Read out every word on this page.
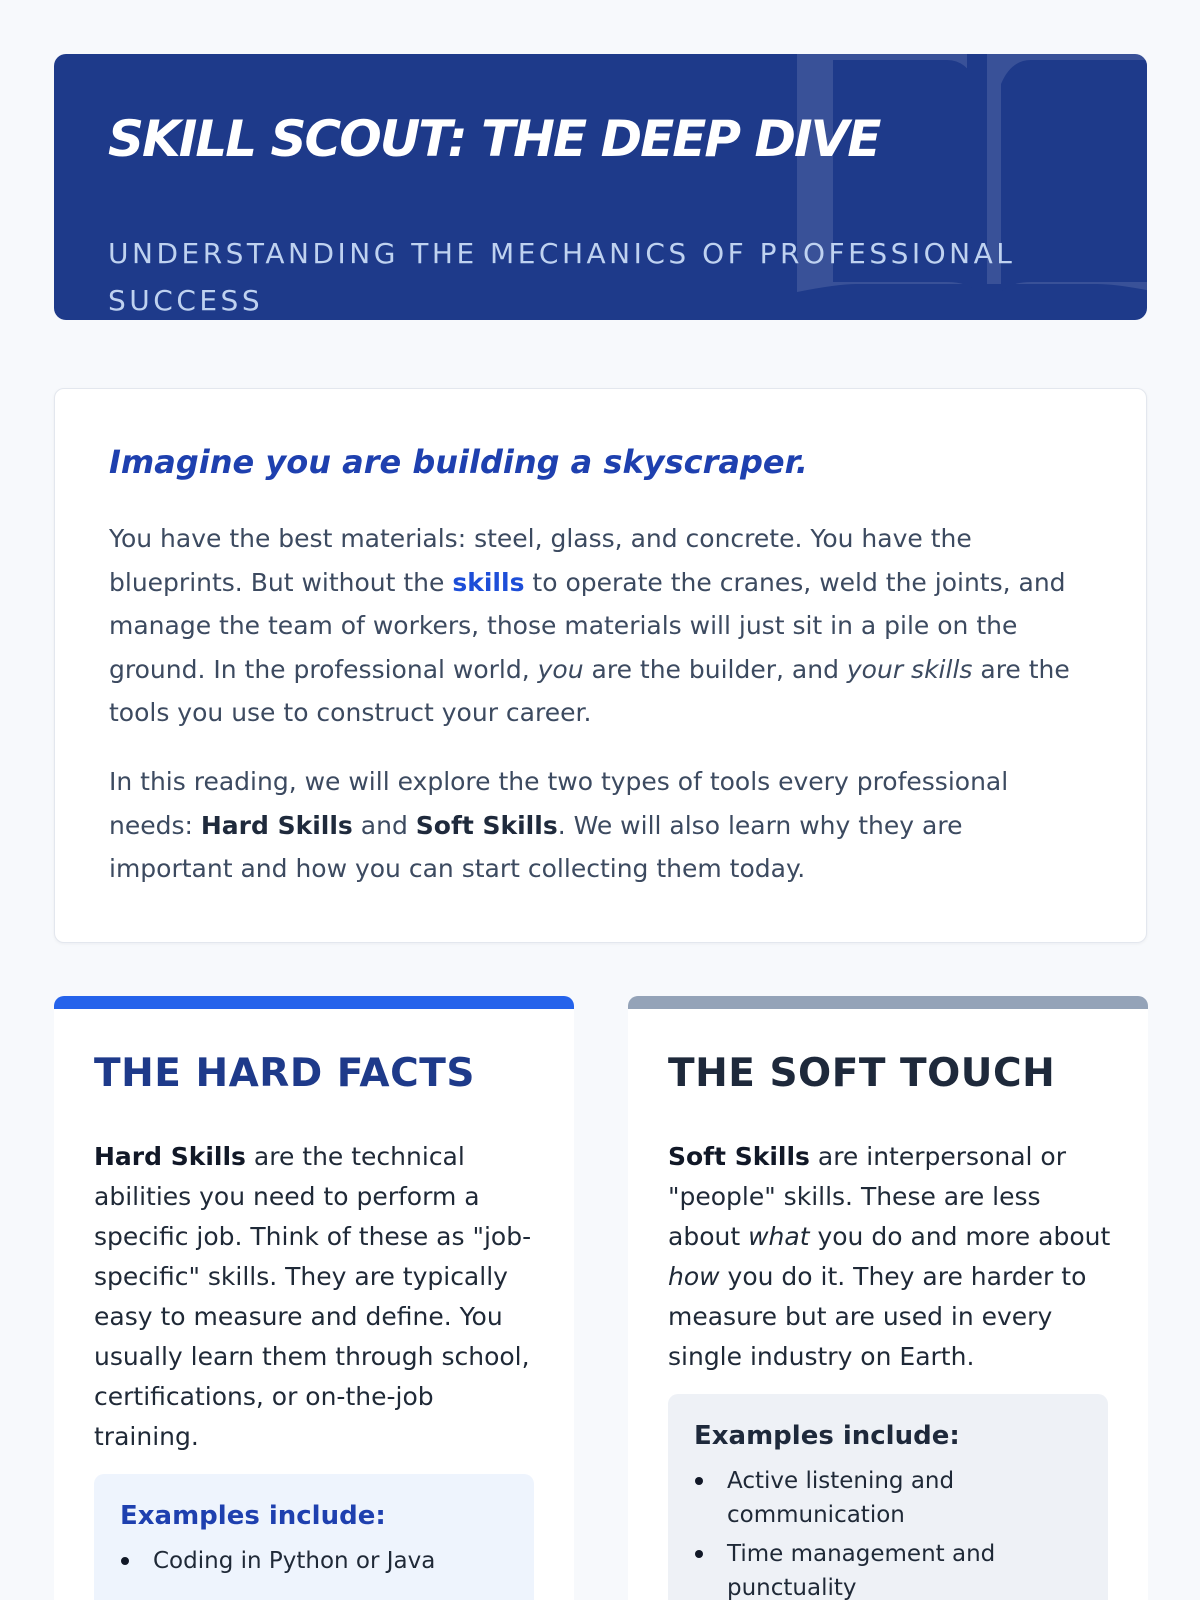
SKILL SCOUT: THE DEEP DIVE

UNDERSTANDING THE MECHANICS OF PROFESSIONAL SUCCESS

Imagine you are building a skyscraper.

You have the best materials: steel, glass, and concrete. You have the blueprints. But without the skills to operate the cranes, weld the joints, and manage the team of workers, those materials will just sit in a pile on the ground. In the professional world, you are the builder, and your skills are the tools you use to construct your career.

In this reading, we will explore the two types of tools every professional needs: Hard Skills and Soft Skills. We will also learn why they are important and how you can start collecting them today.

THE HARD FACTS

Hard Skills are the technical abilities you need to perform a specific job. Think of these as "job-specific" skills. They are typically easy to measure and define. You usually learn them through school, certifications, or on-the-job training.

Examples include:

Coding in Python or Java
THE SOFT TOUCH

Soft Skills are interpersonal or "people" skills. These are less about what you do and more about how you do it. They are harder to measure but are used in every single industry on Earth.

Examples include:

Active listening and communication
Time management and punctuality
